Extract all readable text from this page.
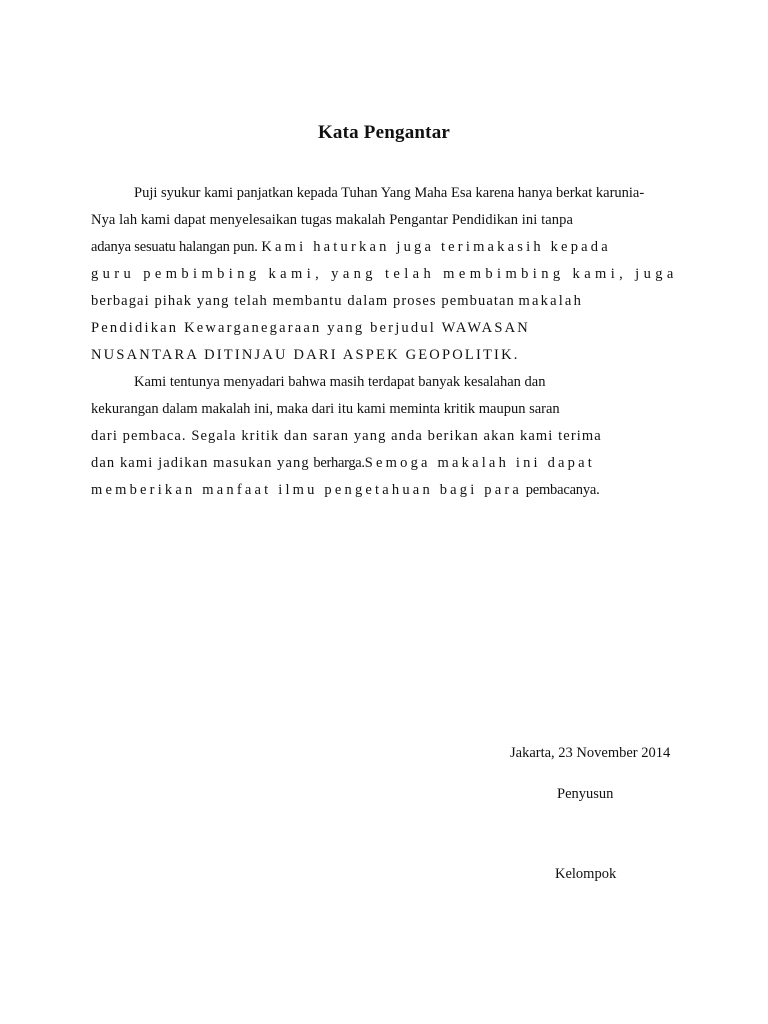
Kata Pengantar
Puji syukur kami panjatkan kepada Tuhan Yang Maha Esa karena hanya berkat karunia-
Nya lah kami dapat menyelesaikan tugas makalah Pengantar Pendidikan ini tanpa
adanya sesuatu halangan pun. Kami haturkan juga terimakasih kepada
guru pembimbing kami, yang telah membimbing kami, juga
berbagai pihak yang telah membantu dalam proses pembuatan makalah
Pendidikan Kewarganegaraan yang berjudul WAWASAN
NUSANTARA DITINJAU DARI ASPEK GEOPOLITIK.
Kami tentunya menyadari bahwa masih terdapat banyak kesalahan dan
kekurangan dalam makalah ini, maka dari itu kami meminta kritik maupun saran
dari pembaca. Segala kritik dan saran yang anda berikan akan kami terima
dan kami jadikan masukan yang berharga.Semoga makalah ini dapat
memberikan manfaat ilmu pengetahuan bagi para pembacanya.
Jakarta, 23 November 2014
Penyusun
Kelompok
